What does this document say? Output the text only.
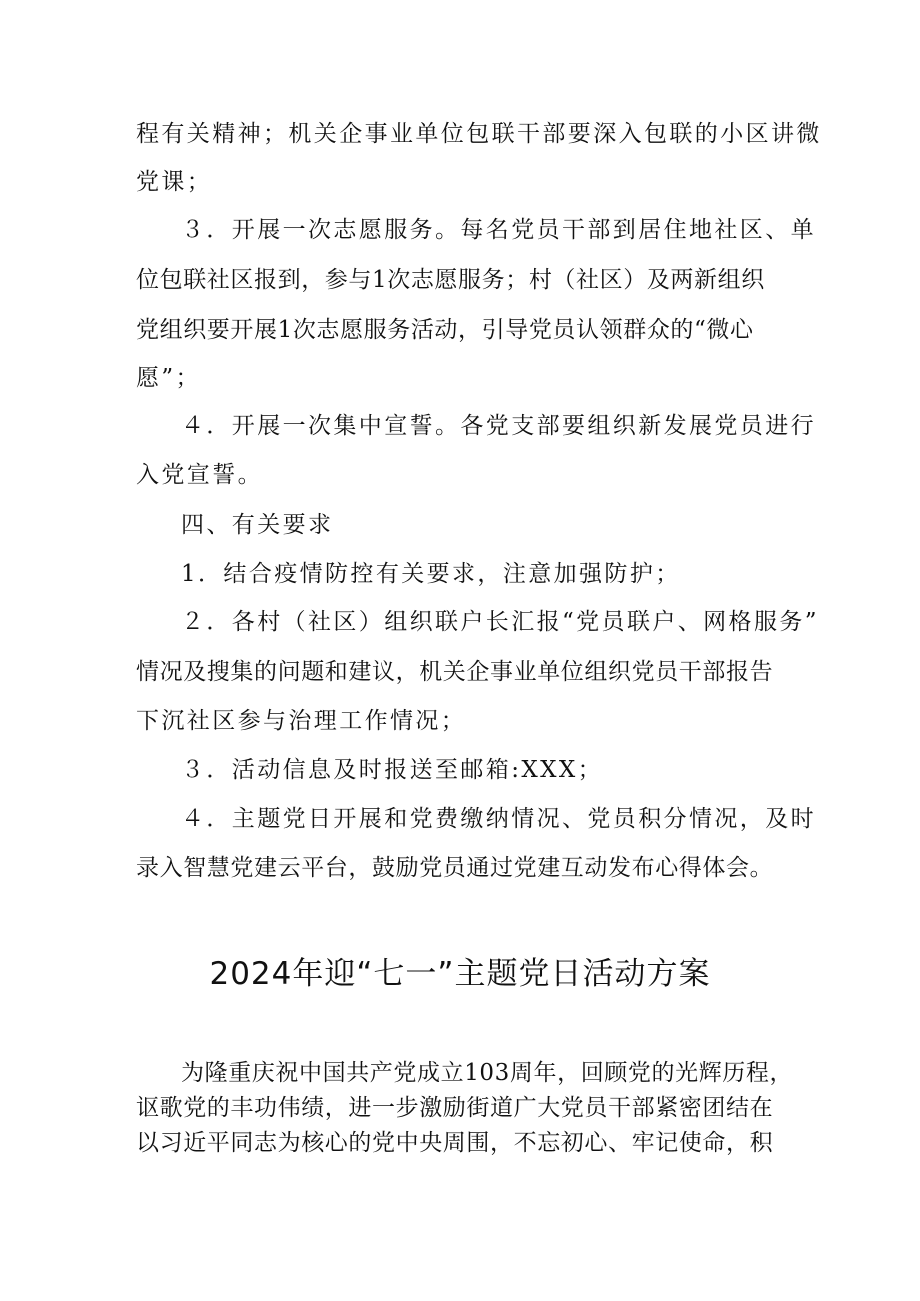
程有关精神；机关企事业单位包联干部要深入包联的小区讲微
党课；
３．开展一次志愿服务。每名党员干部到居住地社区、单
位包联社区报到，参与1次志愿服务；村（社区）及两新组织
党组织要开展1次志愿服务活动，引导党员认领群众的“微心
愿”；
４．开展一次集中宣誓。各党支部要组织新发展党员进行
入党宣誓。
四、有关要求
1．结合疫情防控有关要求，注意加强防护；
２．各村（社区）组织联户长汇报“党员联户、网格服务”
情况及搜集的问题和建议，机关企事业单位组织党员干部报告
下沉社区参与治理工作情况；
３．活动信息及时报送至邮箱:XXX；
４．主题党日开展和党费缴纳情况、党员积分情况，及时
录入智慧党建云平台，鼓励党员通过党建互动发布心得体会。
2024年迎“七一”主题党日活动方案
为隆重庆祝中国共产党成立103周年，回顾党的光辉历程，
讴歌党的丰功伟绩，进一步激励街道广大党员干部紧密团结在
以习近平同志为核心的党中央周围，不忘初心、牢记使命，积
